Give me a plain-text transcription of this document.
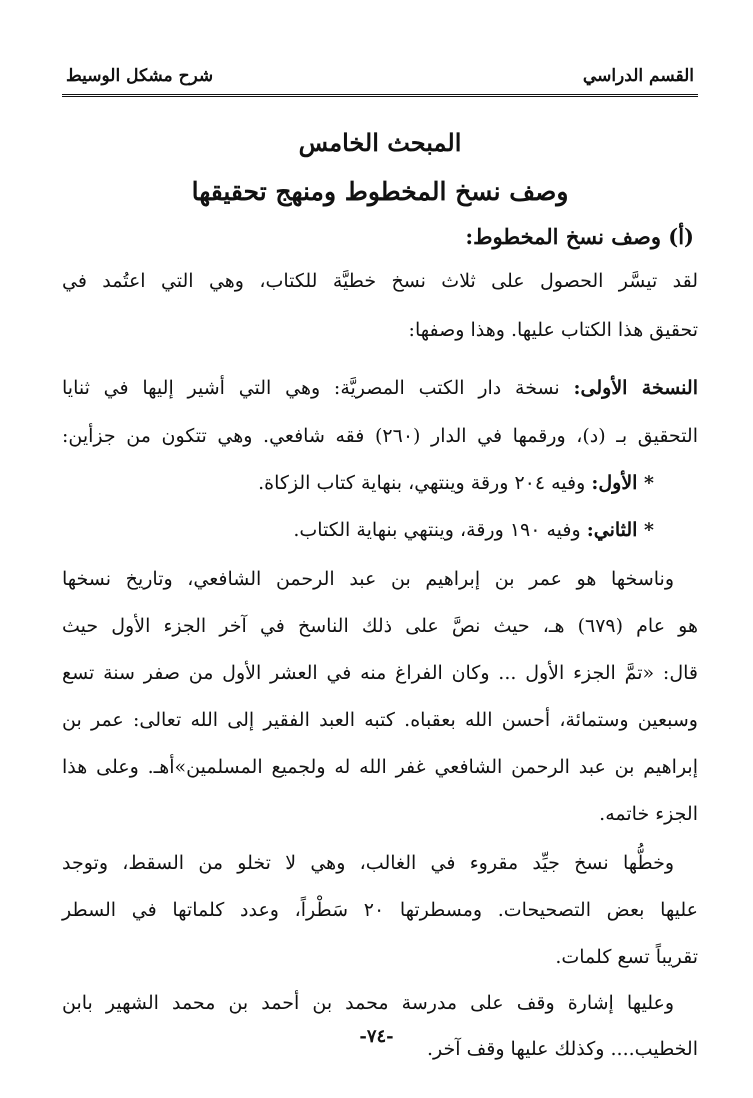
القسم الدراسي
شرح مشكل الوسيط
المبحث الخامس
وصف نسخ المخطوط ومنهج تحقيقها
(أ) وصف نسخ المخطوط:
لقد تيسَّر الحصول على ثلاث نسخ خطيَّة للكتاب، وهي التي اعتُمد في
تحقيق هذا الكتاب عليها. وهذا وصفها:
النسخة الأولى: نسخة دار الكتب المصريَّة: وهي التي أشير إليها في ثنايا
التحقيق بـ (د)، ورقمها في الدار (٢٦٠) فقه شافعي. وهي تتكون من جزأين:
* الأول: وفيه ٢٠٤ ورقة وينتهي، بنهاية كتاب الزكاة.
* الثاني: وفيه ١٩٠ ورقة، وينتهي بنهاية الكتاب.
وناسخها هو عمر بن إبراهيم بن عبد الرحمن الشافعي، وتاريخ نسخها
هو عام (٦٧٩) هـ، حيث نصَّ على ذلك الناسخ في آخر الجزء الأول حيث
قال: «تمَّ الجزء الأول ... وكان الفراغ منه في العشر الأول من صفر سنة تسع
وسبعين وستمائة، أحسن الله بعقباه. كتبه العبد الفقير إلى الله تعالى: عمر بن
إبراهيم بن عبد الرحمن الشافعي غفر الله له ولجميع المسلمين»أهـ. وعلى هذا
الجزء خاتمه.
وخطُّها نسخ جيِّد مقروء في الغالب، وهي لا تخلو من السقط، وتوجد
عليها بعض التصحيحات. ومسطرتها ٢٠ سَطْراً، وعدد كلماتها في السطر
تقريباً تسع كلمات.
وعليها إشارة وقف على مدرسة محمد بن أحمد بن محمد الشهير بابن
الخطيب.... وكذلك عليها وقف آخر.
-٧٤-
